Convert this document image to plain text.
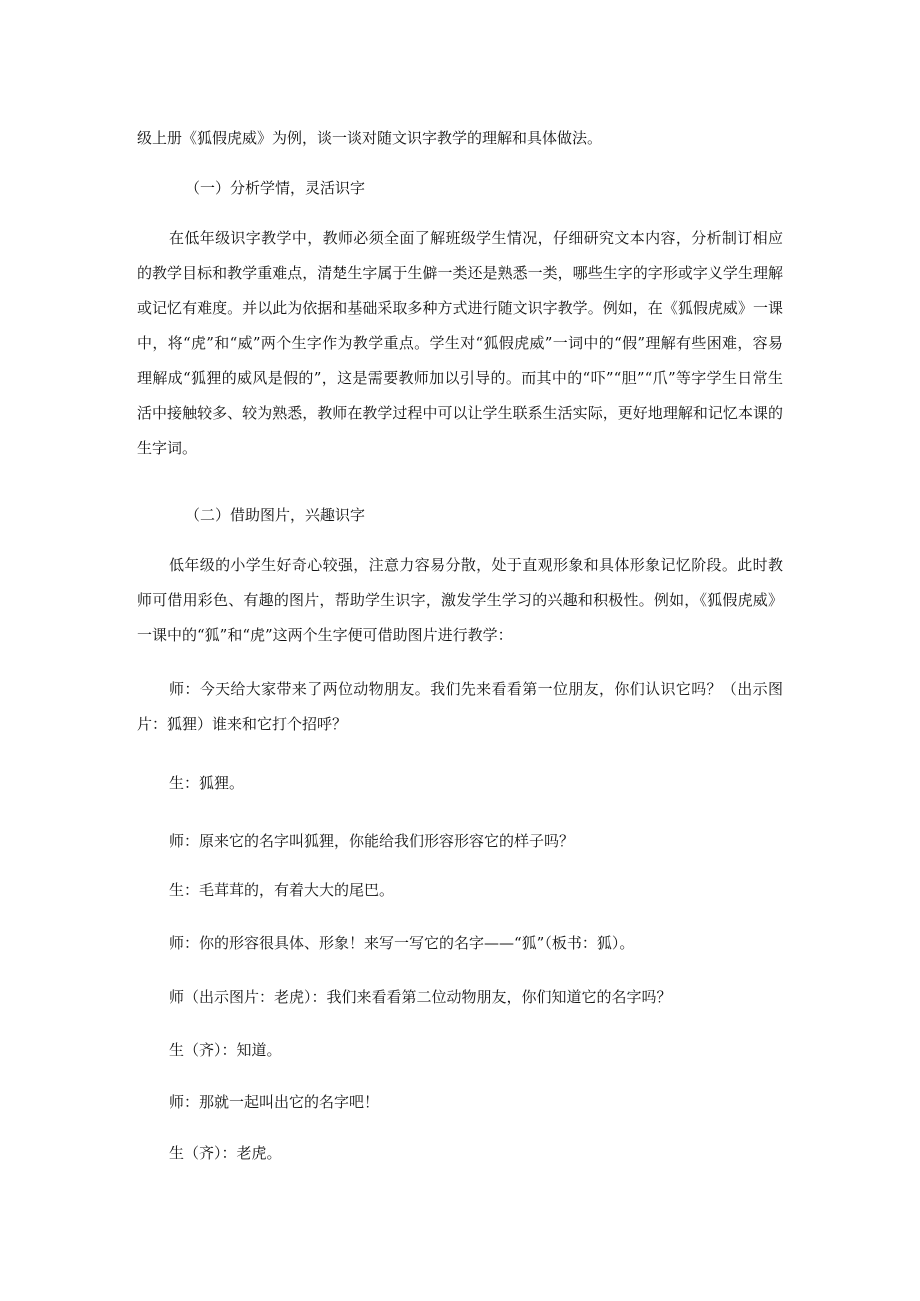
级上册《狐假虎威》为例，谈一谈对随文识字教学的理解和具体做法。
（一）分析学情，灵活识字
在低年级识字教学中，教师必须全面了解班级学生情况，仔细研究文本内容，分析制订相应的教学目标和教学重难点，清楚生字属于生僻一类还是熟悉一类，哪些生字的字形或字义学生理解或记忆有难度。并以此为依据和基础采取多种方式进行随文识字教学。例如，在《狐假虎威》一课中，将“虎”和“威”两个生字作为教学重点。学生对“狐假虎威”一词中的“假”理解有些困难，容易理解成“狐狸的威风是假的”，这是需要教师加以引导的。而其中的“吓”“胆”“爪”等字学生日常生活中接触较多、较为熟悉，教师在教学过程中可以让学生联系生活实际，更好地理解和记忆本课的生字词。
（二）借助图片，兴趣识字
低年级的小学生好奇心较强，注意力容易分散，处于直观形象和具体形象记忆阶段。此时教师可借用彩色、有趣的图片，帮助学生识字，激发学生学习的兴趣和积极性。例如，《狐假虎威》一课中的“狐”和“虎”这两个生字便可借助图片进行教学：
师：今天给大家带来了两位动物朋友。我们先来看看第一位朋友，你们认识它吗？（出示图片：狐狸）谁来和它打个招呼？
生：狐狸。
师：原来它的名字叫狐狸，你能给我们形容形容它的样子吗？
生：毛茸茸的，有着大大的尾巴。
师：你的形容很具体、形象！来写一写它的名字——“狐”（板书：狐）。
师（出示图片：老虎）：我们来看看第二位动物朋友，你们知道它的名字吗？
生（齐）：知道。
师：那就一起叫出它的名字吧！
生（齐）：老虎。
